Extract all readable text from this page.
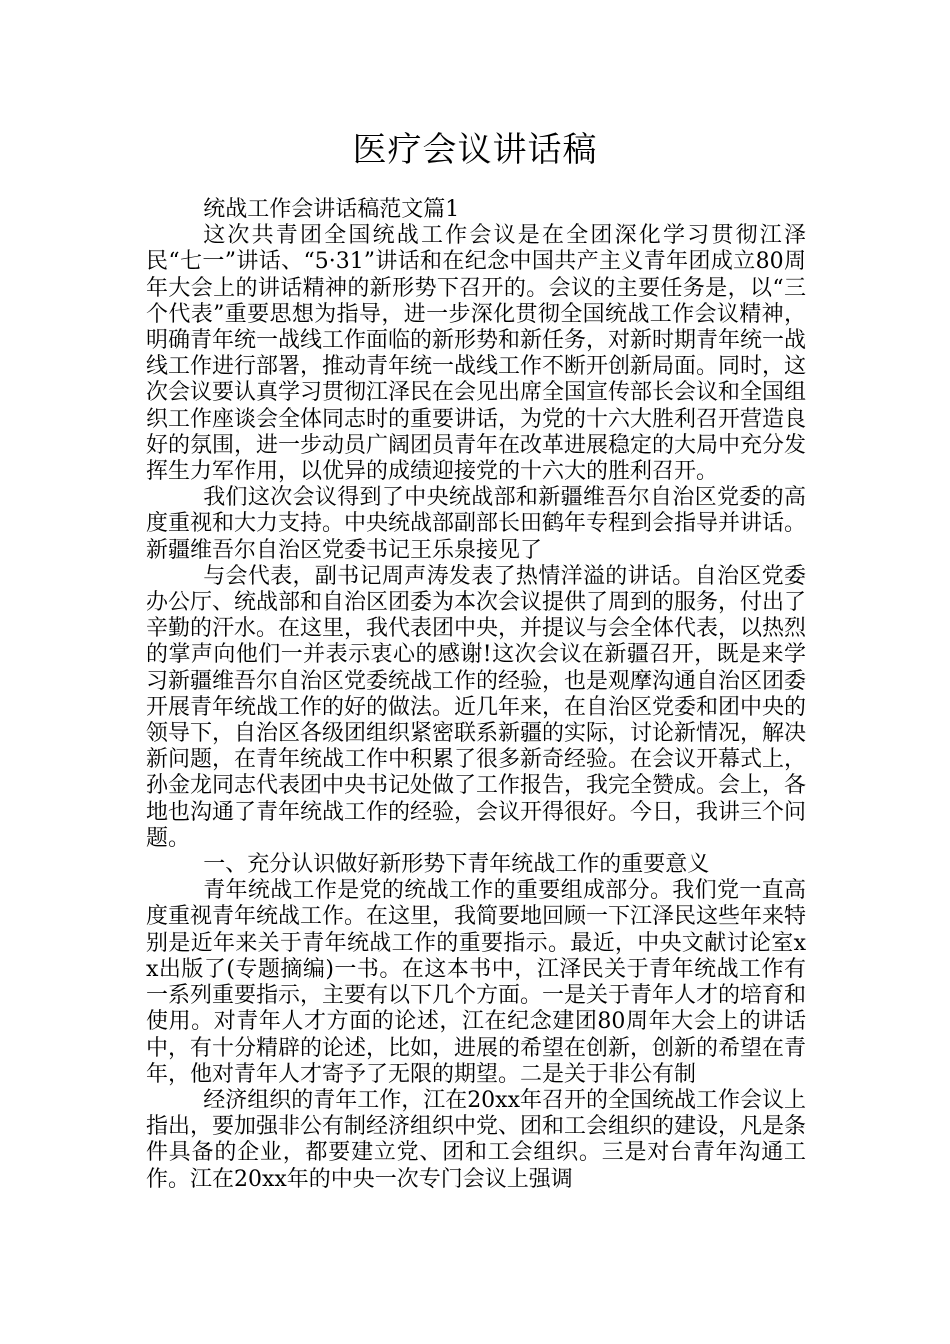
医疗会议讲话稿

统战工作会讲话稿范文篇1

这次共青团全国统战工作会议是在全团深化学习贯彻江泽民“七一”讲话、“5·31”讲话和在纪念中国共产主义青年团成立80周年大会上的讲话精神的新形势下召开的。会议的主要任务是，以“三个代表”重要思想为指导，进一步深化贯彻全国统战工作会议精神，明确青年统一战线工作面临的新形势和新任务，对新时期青年统一战线工作进行部署，推动青年统一战线工作不断开创新局面。同时，这次会议要认真学习贯彻江泽民在会见出席全国宣传部长会议和全国组织工作座谈会全体同志时的重要讲话，为党的十六大胜利召开营造良好的氛围，进一步动员广阔团员青年在改革进展稳定的大局中充分发挥生力军作用，以优异的成绩迎接党的十六大的胜利召开。

我们这次会议得到了中央统战部和新疆维吾尔自治区党委的高度重视和大力支持。中央统战部副部长田鹤年专程到会指导并讲话。新疆维吾尔自治区党委书记王乐泉接见了

与会代表，副书记周声涛发表了热情洋溢的讲话。自治区党委办公厅、统战部和自治区团委为本次会议提供了周到的服务，付出了辛勤的汗水。在这里，我代表团中央，并提议与会全体代表，以热烈的掌声向他们一并表示衷心的感谢!这次会议在新疆召开，既是来学习新疆维吾尔自治区党委统战工作的经验，也是观摩沟通自治区团委开展青年统战工作的好的做法。近几年来，在自治区党委和团中央的领导下，自治区各级团组织紧密联系新疆的实际，讨论新情况，解决新问题，在青年统战工作中积累了很多新奇经验。在会议开幕式上，孙金龙同志代表团中央书记处做了工作报告，我完全赞成。会上，各地也沟通了青年统战工作的经验，会议开得很好。今日，我讲三个问题。

一、充分认识做好新形势下青年统战工作的重要意义

青年统战工作是党的统战工作的重要组成部分。我们党一直高度重视青年统战工作。在这里，我简要地回顾一下江泽民这些年来特别是近年来关于青年统战工作的重要指示。最近，中央文献讨论室xx出版了(专题摘编)一书。在这本书中，江泽民关于青年统战工作有一系列重要指示，主要有以下几个方面。一是关于青年人才的培育和使用。对青年人才方面的论述，江在纪念建团80周年大会上的讲话中，有十分精辟的论述，比如，进展的希望在创新，创新的希望在青年，他对青年人才寄予了无限的期望。二是关于非公有制

经济组织的青年工作，江在20xx年召开的全国统战工作会议上指出，要加强非公有制经济组织中党、团和工会组织的建设，凡是条件具备的企业，都要建立党、团和工会组织。三是对台青年沟通工作。江在20xx年的中央一次专门会议上强调
